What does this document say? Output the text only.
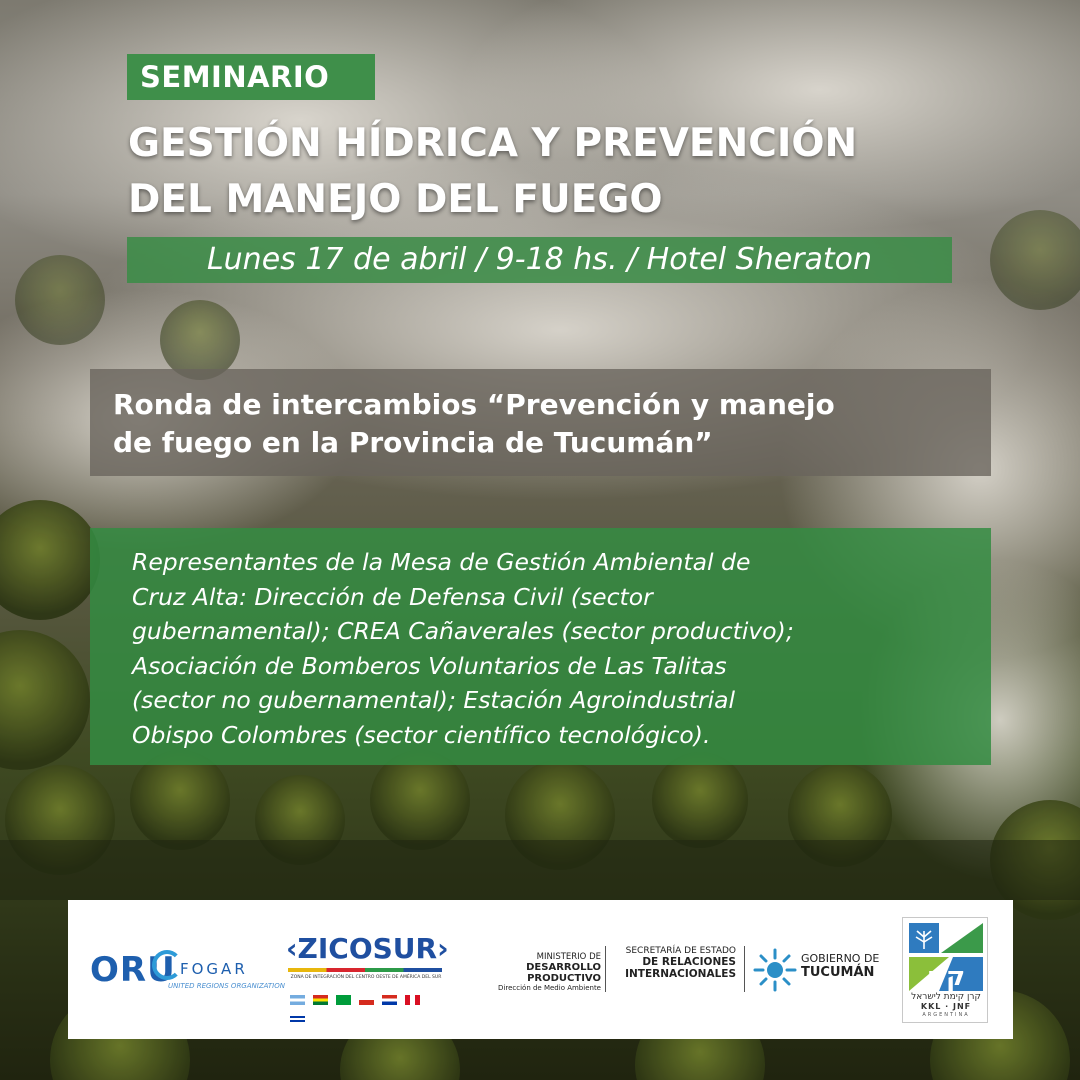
SEMINARIO
GESTIÓN HÍDRICA Y PREVENCIÓN
DEL MANEJO DEL FUEGO
Lunes 17 de abril / 9-18 hs. / Hotel Sheraton
Ronda de intercambios “Prevención y manejo
de fuego en la Provincia de Tucumán”
Representantes de la Mesa de Gestión Ambiental de
Cruz Alta: Dirección de Defensa Civil (sector
gubernamental); CREA Cañaverales (sector productivo);
Asociación de Bomberos Voluntarios de Las Talitas
(sector no gubernamental); Estación Agroindustrial
Obispo Colombres (sector científico tecnológico).
ORU FOGAR
UNITED REGIONS ORGANIZATION
‹ZICOSUR›
ZONA DE INTEGRACIÓN DEL CENTRO OESTE DE AMÉRICA DEL SUR

MINISTERIO DE
DESARROLLO PRODUCTIVO
Dirección de Medio Ambiente
SECRETARÍA DE ESTADO
DE RELACIONES
INTERNACIONALES
GOBIERNO DE
TUCUMÁN קק
קרן קימת לישראל
KKL · JNF
ARGENTINA
